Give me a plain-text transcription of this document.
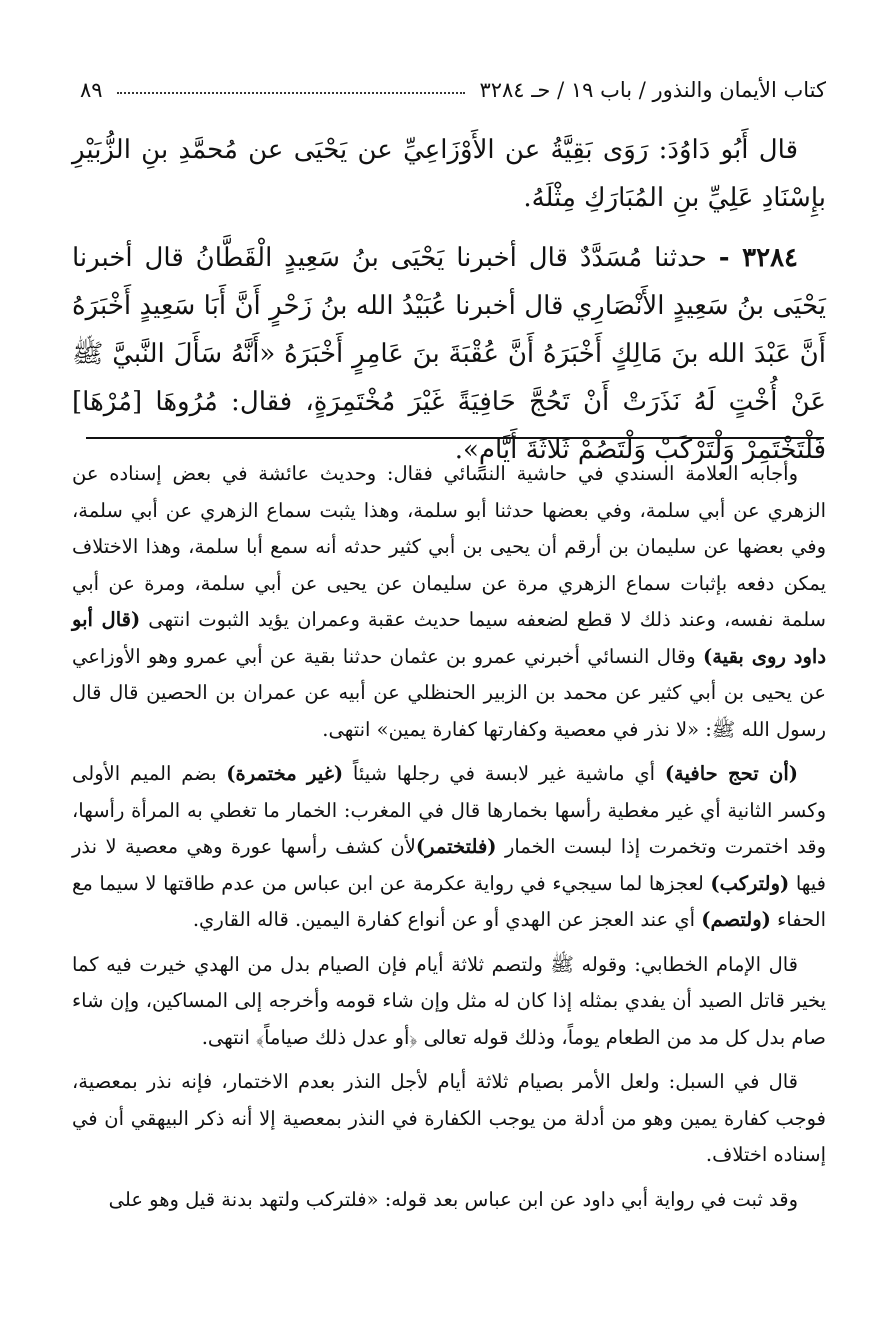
كتاب الأيمان والنذور / باب ١٩ / حـ ٣٢٨٤
٨٩

قال أَبُو دَاوُدَ: رَوَى بَقِيَّةُ عن الأَوْزَاعِيِّ عن يَحْيَى عن مُحمَّدِ بنِ الزُّبَيْرِ بإِسْنَادِ عَلِيِّ بنِ المُبَارَكِ مِثْلَهُ.

٣٢٨٤ - حدثنا مُسَدَّدٌ قال أخبرنا يَحْيَى بنُ سَعِيدٍ الْقَطَّانُ قال أخبرنا يَحْيَى بنُ سَعِيدٍ الأَنْصَارِي قال أخبرنا عُبَيْدُ الله بنُ زَحْرٍ أَنَّ أَبَا سَعِيدٍ أَخْبَرَهُ أَنَّ عَبْدَ الله بنَ مَالِكٍ أَخْبَرَهُ أَنَّ عُقْبَةَ بنَ عَامِرٍ أَخْبَرَهُ «أَنَّهُ سَأَلَ النَّبيَّ ﷺ عَنْ أُخْتٍ لَهُ نَذَرَتْ أَنْ تَحُجَّ حَافِيَةً غَيْرَ مُخْتَمِرَةٍ، فقال: مُرُوهَا [مُرْهَا] فَلْتَخْتَمِرْ وَلْتَرْكَبْ وَلْتَصُمْ ثَلاثَةَ أَيَّامٍ».

وأجابه العلامة السندي في حاشية النسائي فقال: وحديث عائشة في بعض إسناده عن الزهري عن أبي سلمة، وفي بعضها حدثنا أبو سلمة، وهذا يثبت سماع الزهري عن أبي سلمة، وفي بعضها عن سليمان بن أرقم أن يحيى بن أبي كثير حدثه أنه سمع أبا سلمة، وهذا الاختلاف يمكن دفعه بإثبات سماع الزهري مرة عن سليمان عن يحيى عن أبي سلمة، ومرة عن أبي سلمة نفسه، وعند ذلك لا قطع لضعفه سيما حديث عقبة وعمران يؤيد الثبوت انتهى (قال أبو داود روى بقية) وقال النسائي أخبرني عمرو بن عثمان حدثنا بقية عن أبي عمرو وهو الأوزاعي عن يحيى بن أبي كثير عن محمد بن الزبير الحنظلي عن أبيه عن عمران بن الحصين قال قال رسول الله ﷺ: «لا نذر في معصية وكفارتها كفارة يمين» انتهى.

(أن تحج حافية) أي ماشية غير لابسة في رجلها شيئاً (غير مختمرة) بضم الميم الأولى وكسر الثانية أي غير مغطية رأسها بخمارها قال في المغرب: الخمار ما تغطي به المرأة رأسها، وقد اختمرت وتخمرت إذا لبست الخمار (فلتختمر)لأن كشف رأسها عورة وهي معصية لا نذر فيها (ولتركب) لعجزها لما سيجيء في رواية عكرمة عن ابن عباس من عدم طاقتها لا سيما مع الحفاء (ولتصم) أي عند العجز عن الهدي أو عن أنواع كفارة اليمين. قاله القاري.

قال الإمام الخطابي: وقوله ﷺ ولتصم ثلاثة أيام فإن الصيام بدل من الهدي خيرت فيه كما يخير قاتل الصيد أن يفدي بمثله إذا كان له مثل وإن شاء قومه وأخرجه إلى المساكين، وإن شاء صام بدل كل مد من الطعام يوماً، وذلك قوله تعالى ﴿أو عدل ذلك صياماً﴾ انتهى.

قال في السبل: ولعل الأمر بصيام ثلاثة أيام لأجل النذر بعدم الاختمار، فإنه نذر بمعصية، فوجب كفارة يمين وهو من أدلة من يوجب الكفارة في النذر بمعصية إلا أنه ذكر البيهقي أن في إسناده اختلاف.

وقد ثبت في رواية أبي داود عن ابن عباس بعد قوله: «فلتركب ولتهد بدنة قيل وهو على
